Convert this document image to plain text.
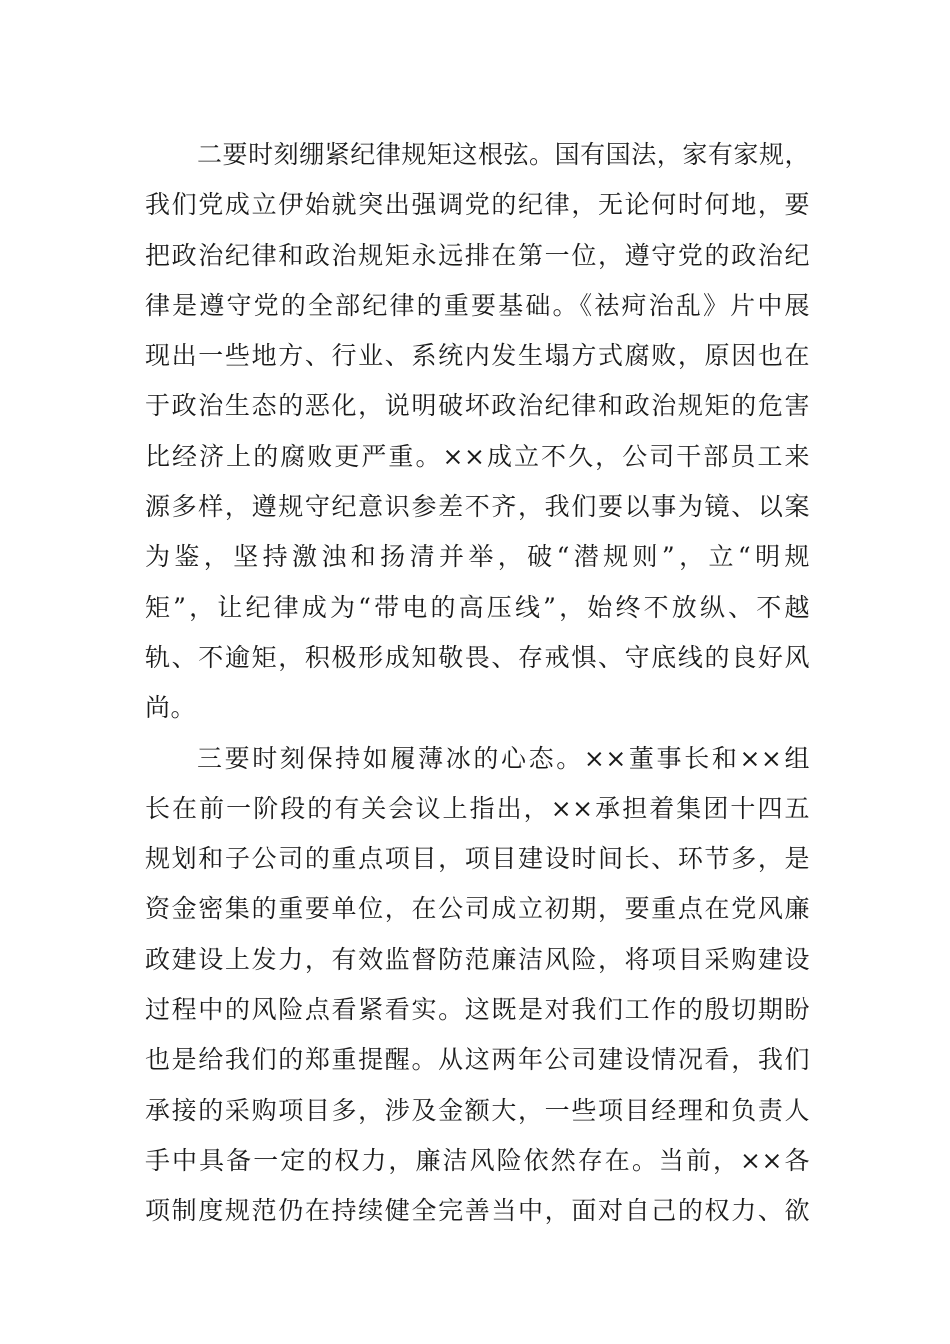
二要时刻绷紧纪律规矩这根弦。国有国法，家有家规，
我们党成立伊始就突出强调党的纪律，无论何时何地，要
把政治纪律和政治规矩永远排在第一位，遵守党的政治纪
律是遵守党的全部纪律的重要基础。《祛疴治乱》片中展
现出一些地方、行业、系统内发生塌方式腐败，原因也在
于政治生态的恶化，说明破坏政治纪律和政治规矩的危害
比经济上的腐败更严重。××成立不久，公司干部员工来
源多样，遵规守纪意识参差不齐，我们要以事为镜、以案
为鉴，坚持激浊和扬清并举，破“潜规则”，立“明规
矩”，让纪律成为“带电的高压线”，始终不放纵、不越
轨、不逾矩，积极形成知敬畏、存戒惧、守底线的良好风
尚。
三要时刻保持如履薄冰的心态。××董事长和××组
长在前一阶段的有关会议上指出，××承担着集团十四五
规划和子公司的重点项目，项目建设时间长、环节多，是
资金密集的重要单位，在公司成立初期，要重点在党风廉
政建设上发力，有效监督防范廉洁风险，将项目采购建设
过程中的风险点看紧看实。这既是对我们工作的殷切期盼
也是给我们的郑重提醒。从这两年公司建设情况看，我们
承接的采购项目多，涉及金额大，一些项目经理和负责人
手中具备一定的权力，廉洁风险依然存在。当前，××各
项制度规范仍在持续健全完善当中，面对自己的权力、欲
